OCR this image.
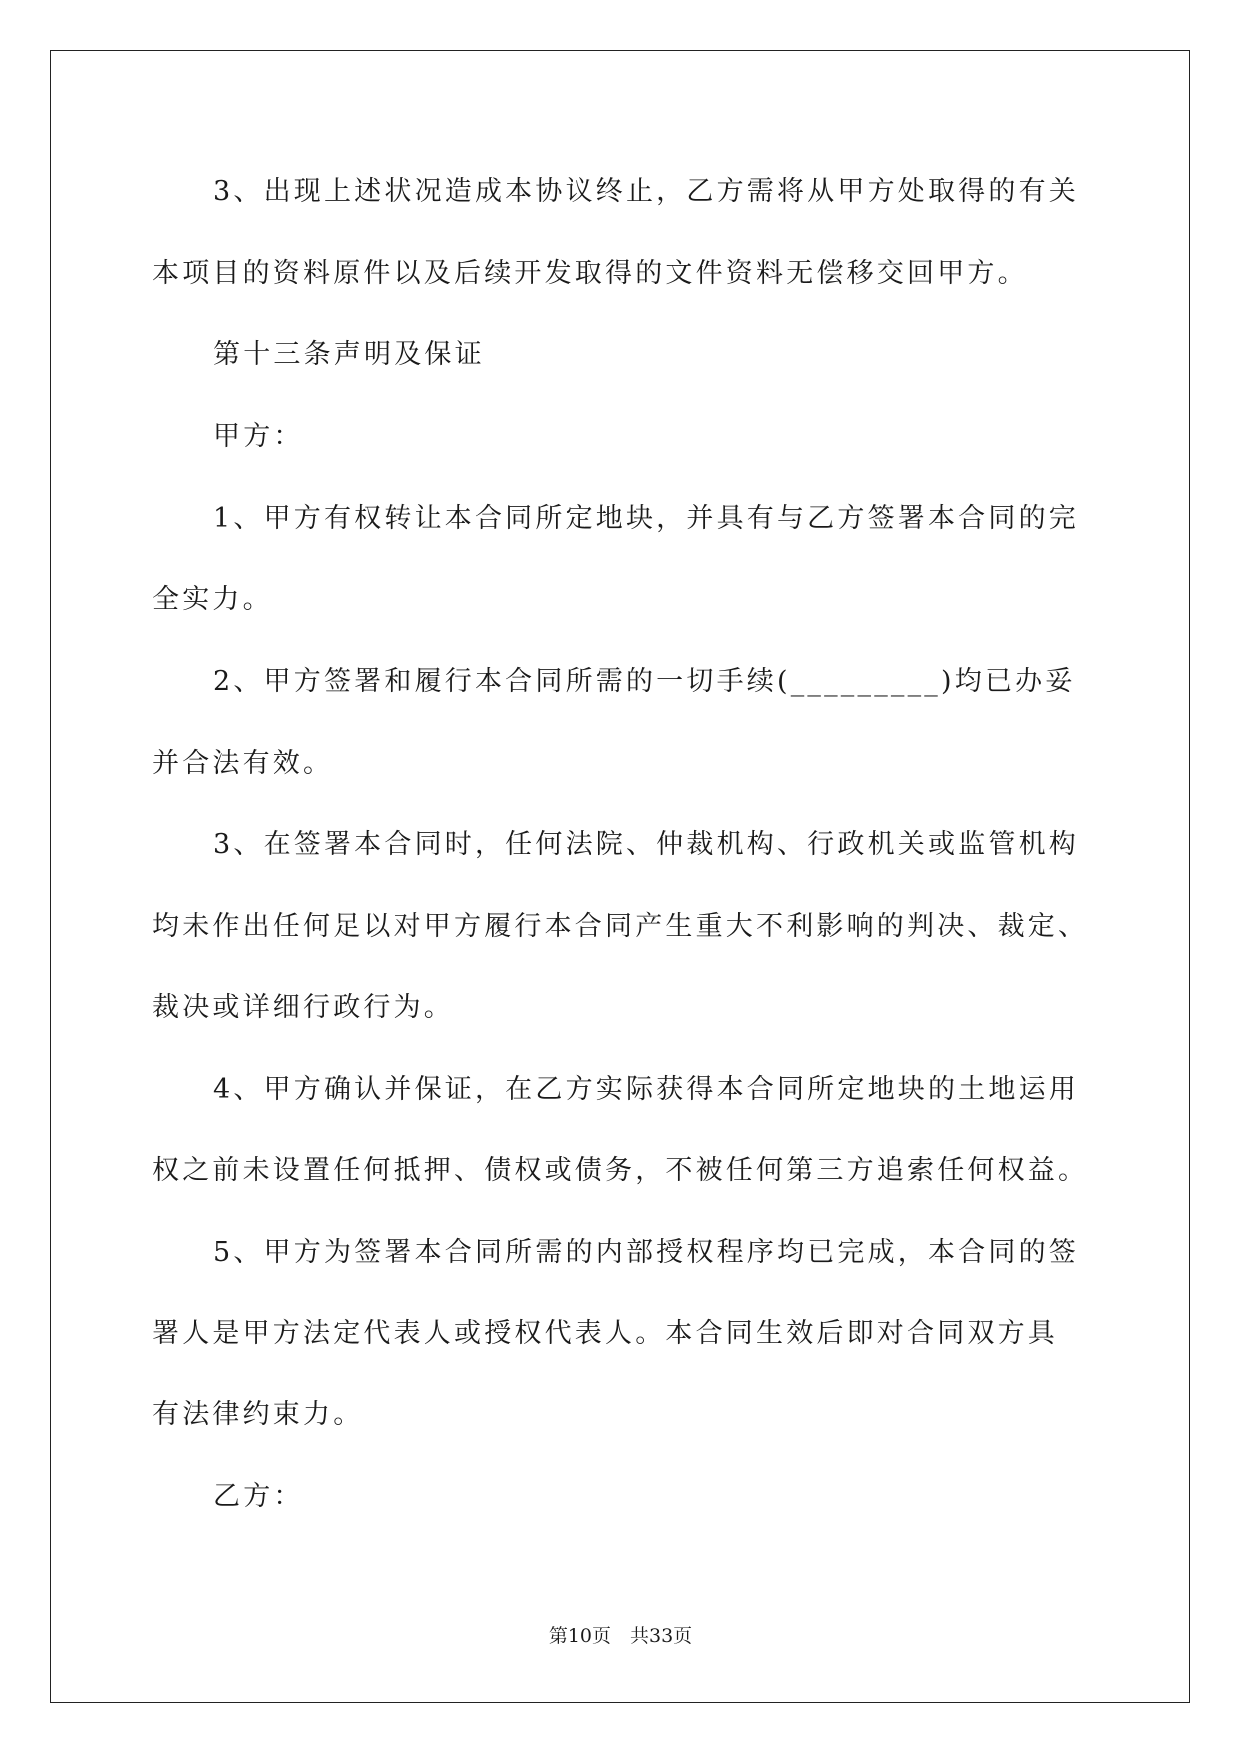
3、出现上述状况造成本协议终止，乙方需将从甲方处取得的有关
本项目的资料原件以及后续开发取得的文件资料无偿移交回甲方。
第十三条声明及保证
甲方：
1、甲方有权转让本合同所定地块，并具有与乙方签署本合同的完
全实力。
2、甲方签署和履行本合同所需的一切手续(_________)均已办妥
并合法有效。
3、在签署本合同时，任何法院、仲裁机构、行政机关或监管机构
均未作出任何足以对甲方履行本合同产生重大不利影响的判决、裁定、
裁决或详细行政行为。
4、甲方确认并保证，在乙方实际获得本合同所定地块的土地运用
权之前未设置任何抵押、债权或债务，不被任何第三方追索任何权益。
5、甲方为签署本合同所需的内部授权程序均已完成，本合同的签
署人是甲方法定代表人或授权代表人。本合同生效后即对合同双方具
有法律约束力。
乙方：
第10页　共33页
